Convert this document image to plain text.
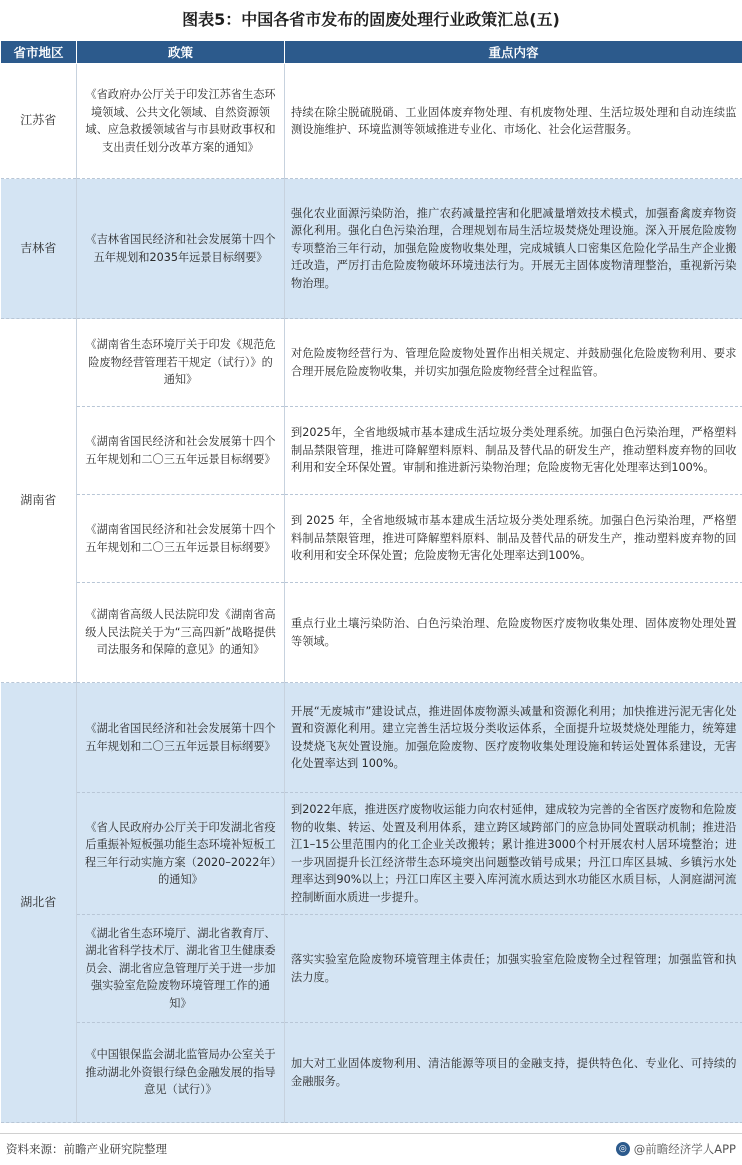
图表5：中国各省市发布的固废处理行业政策汇总(五)
省市地区	政策	重点内容
江苏省	《省政府办公厅关于印发江苏省生态环境领域、公共文化领域、自然资源领域、应急救援领域省与市县财政事权和支出责任划分改革方案的通知》	持续在除尘脱硫脱硝、工业固体废弃物处理、有机废物处理、生活垃圾处理和自动连续监测设施维护、环境监测等领域推进专业化、市场化、社会化运营服务。
吉林省	《吉林省国民经济和社会发展第十四个五年规划和2035年远景目标纲要》	强化农业面源污染防治，推广农药减量控害和化肥减量增效技术模式，加强畜禽废弃物资源化利用。强化白色污染治理，合理规划布局生活垃圾焚烧处理设施。深入开展危险废物专项整治三年行动，加强危险废物收集处理，完成城镇人口密集区危险化学品生产企业搬迁改造，严厉打击危险废物破坏环境违法行为。开展无主固体废物清理整治，重视新污染物治理。
湖南省	《湖南省生态环境厅关于印发《规范危险废物经营管理若干规定（试行）》的通知》	对危险废物经营行为、管理危险废物处置作出相关规定、并鼓励强化危险废物利用、要求合理开展危险废物收集，并切实加强危险废物经营全过程监管。
	《湖南省国民经济和社会发展第十四个五年规划和二〇三五年远景目标纲要》	到2025年，全省地级城市基本建成生活垃圾分类处理系统。加强白色污染治理，严格塑料制品禁限管理，推进可降解塑料原料、制品及替代品的研发生产，推动塑料废弃物的回收利用和安全环保处置。审制和推进新污染物治理；危险废物无害化处理率达到100%。
	《湖南省国民经济和社会发展第十四个五年规划和二〇三五年远景目标纲要》	到 2025 年，全省地级城市基本建成生活垃圾分类处理系统。加强白色污染治理，严格塑料制品禁限管理，推进可降解塑料原料、制品及替代品的研发生产，推动塑料废弃物的回收利用和安全环保处置；危险废物无害化处理率达到100%。
	《湖南省高级人民法院印发《湖南省高级人民法院关于为“三高四新”战略提供司法服务和保障的意见》的通知》	重点行业土壤污染防治、白色污染治理、危险废物医疗废物收集处理、固体废物处理处置等领域。
湖北省	《湖北省国民经济和社会发展第十四个五年规划和二〇三五年远景目标纲要》	开展“无废城市”建设试点，推进固体废物源头减量和资源化利用；加快推进污泥无害化处置和资源化利用。建立完善生活垃圾分类收运体系，全面提升垃圾焚烧处理能力，统筹建设焚烧飞灰处置设施。加强危险废物、医疗废物收集处理设施和转运处置体系建设，无害化处置率达到 100%。
	《省人民政府办公厅关于印发湖北省疫后重振补短板强功能生态环境补短板工程三年行动实施方案（2020–2022年）的通知》	到2022年底，推进医疗废物收运能力向农村延伸，建成较为完善的全省医疗废物和危险废物的收集、转运、处置及利用体系，建立跨区域跨部门的应急协同处置联动机制；推进沿江1–15公里范围内的化工企业关改搬转；累计推进3000个村开展农村人居环境整治；进一步巩固提升长江经济带生态环境突出问题整改销号成果；丹江口库区县城、乡镇污水处理率达到90%以上；丹江口库区主要入库河流水质达到水功能区水质目标，人洞庭湖河流控制断面水质进一步提升。
	《湖北省生态环境厅、湖北省教育厅、湖北省科学技术厅、湖北省卫生健康委员会、湖北省应急管理厅关于进一步加强实验室危险废物环境管理工作的通知》	落实实验室危险废物环境管理主体责任；加强实验室危险废物全过程管理；加强监管和执法力度。
	《中国银保监会湖北监管局办公室关于推动湖北外资银行绿色金融发展的指导意见（试行）》	加大对工业固体废物利用、清洁能源等项目的金融支持，提供特色化、专业化、可持续的金融服务。
资料来源：前瞻产业研究院整理	◎ @前瞻经济学人APP
